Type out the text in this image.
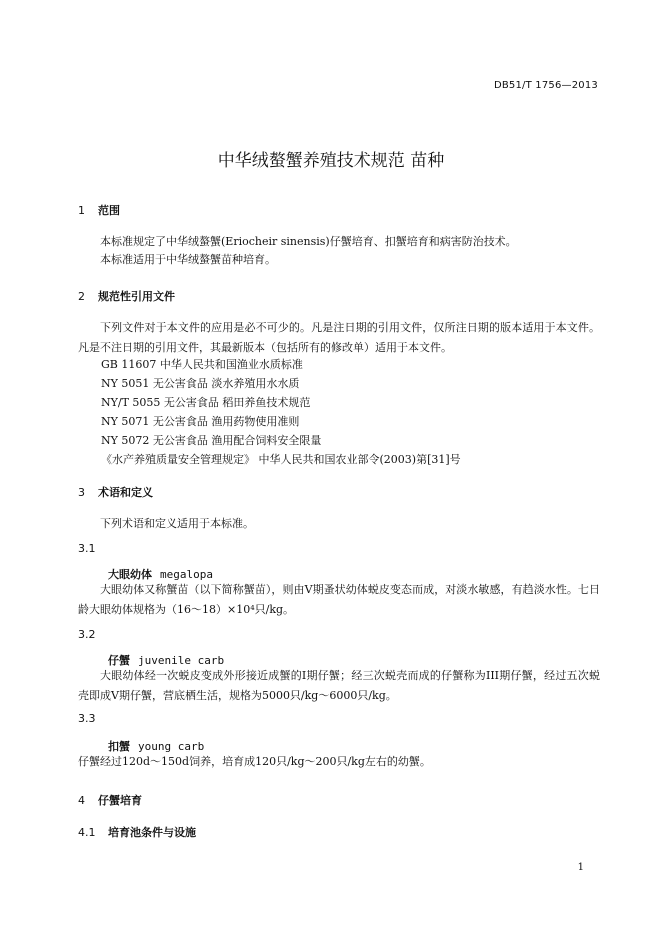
DB51/T 1756—2013
中华绒螯蟹养殖技术规范 苗种
1 范围
本标准规定了中华绒螯蟹(Eriocheir sinensis)仔蟹培育、扣蟹培育和病害防治技术。
本标准适用于中华绒螯蟹苗种培育。
2 规范性引用文件
下列文件对于本文件的应用是必不可少的。凡是注日期的引用文件，仅所注日期的版本适用于本文件。凡是不注日期的引用文件，其最新版本（包括所有的修改单）适用于本文件。
GB 11607 中华人民共和国渔业水质标准
NY 5051 无公害食品 淡水养殖用水水质
NY/T 5055 无公害食品 稻田养鱼技术规范
NY 5071 无公害食品 渔用药物使用准则
NY 5072 无公害食品 渔用配合饲料安全限量
《水产养殖质量安全管理规定》 中华人民共和国农业部令(2003)第[31]号
3 术语和定义
下列术语和定义适用于本标准。
3.1
大眼幼体 megalopa
大眼幼体又称蟹苗（以下简称蟹苗），则由Ⅴ期蚤状幼体蜕皮变态而成，对淡水敏感，有趋淡水性。七日龄大眼幼体规格为（16～18）×10⁴只/kg。
3.2
仔蟹 juvenile carb
大眼幼体经一次蜕皮变成外形接近成蟹的I期仔蟹；经三次蜕壳而成的仔蟹称为III期仔蟹，经过五次蜕壳即成Ⅴ期仔蟹，营底栖生活，规格为5000只/kg～6000只/kg。
3.3
扣蟹 young carb
仔蟹经过120d～150d饲养，培育成120只/kg～200只/kg左右的幼蟹。
4 仔蟹培育
4.1 培育池条件与设施
1
